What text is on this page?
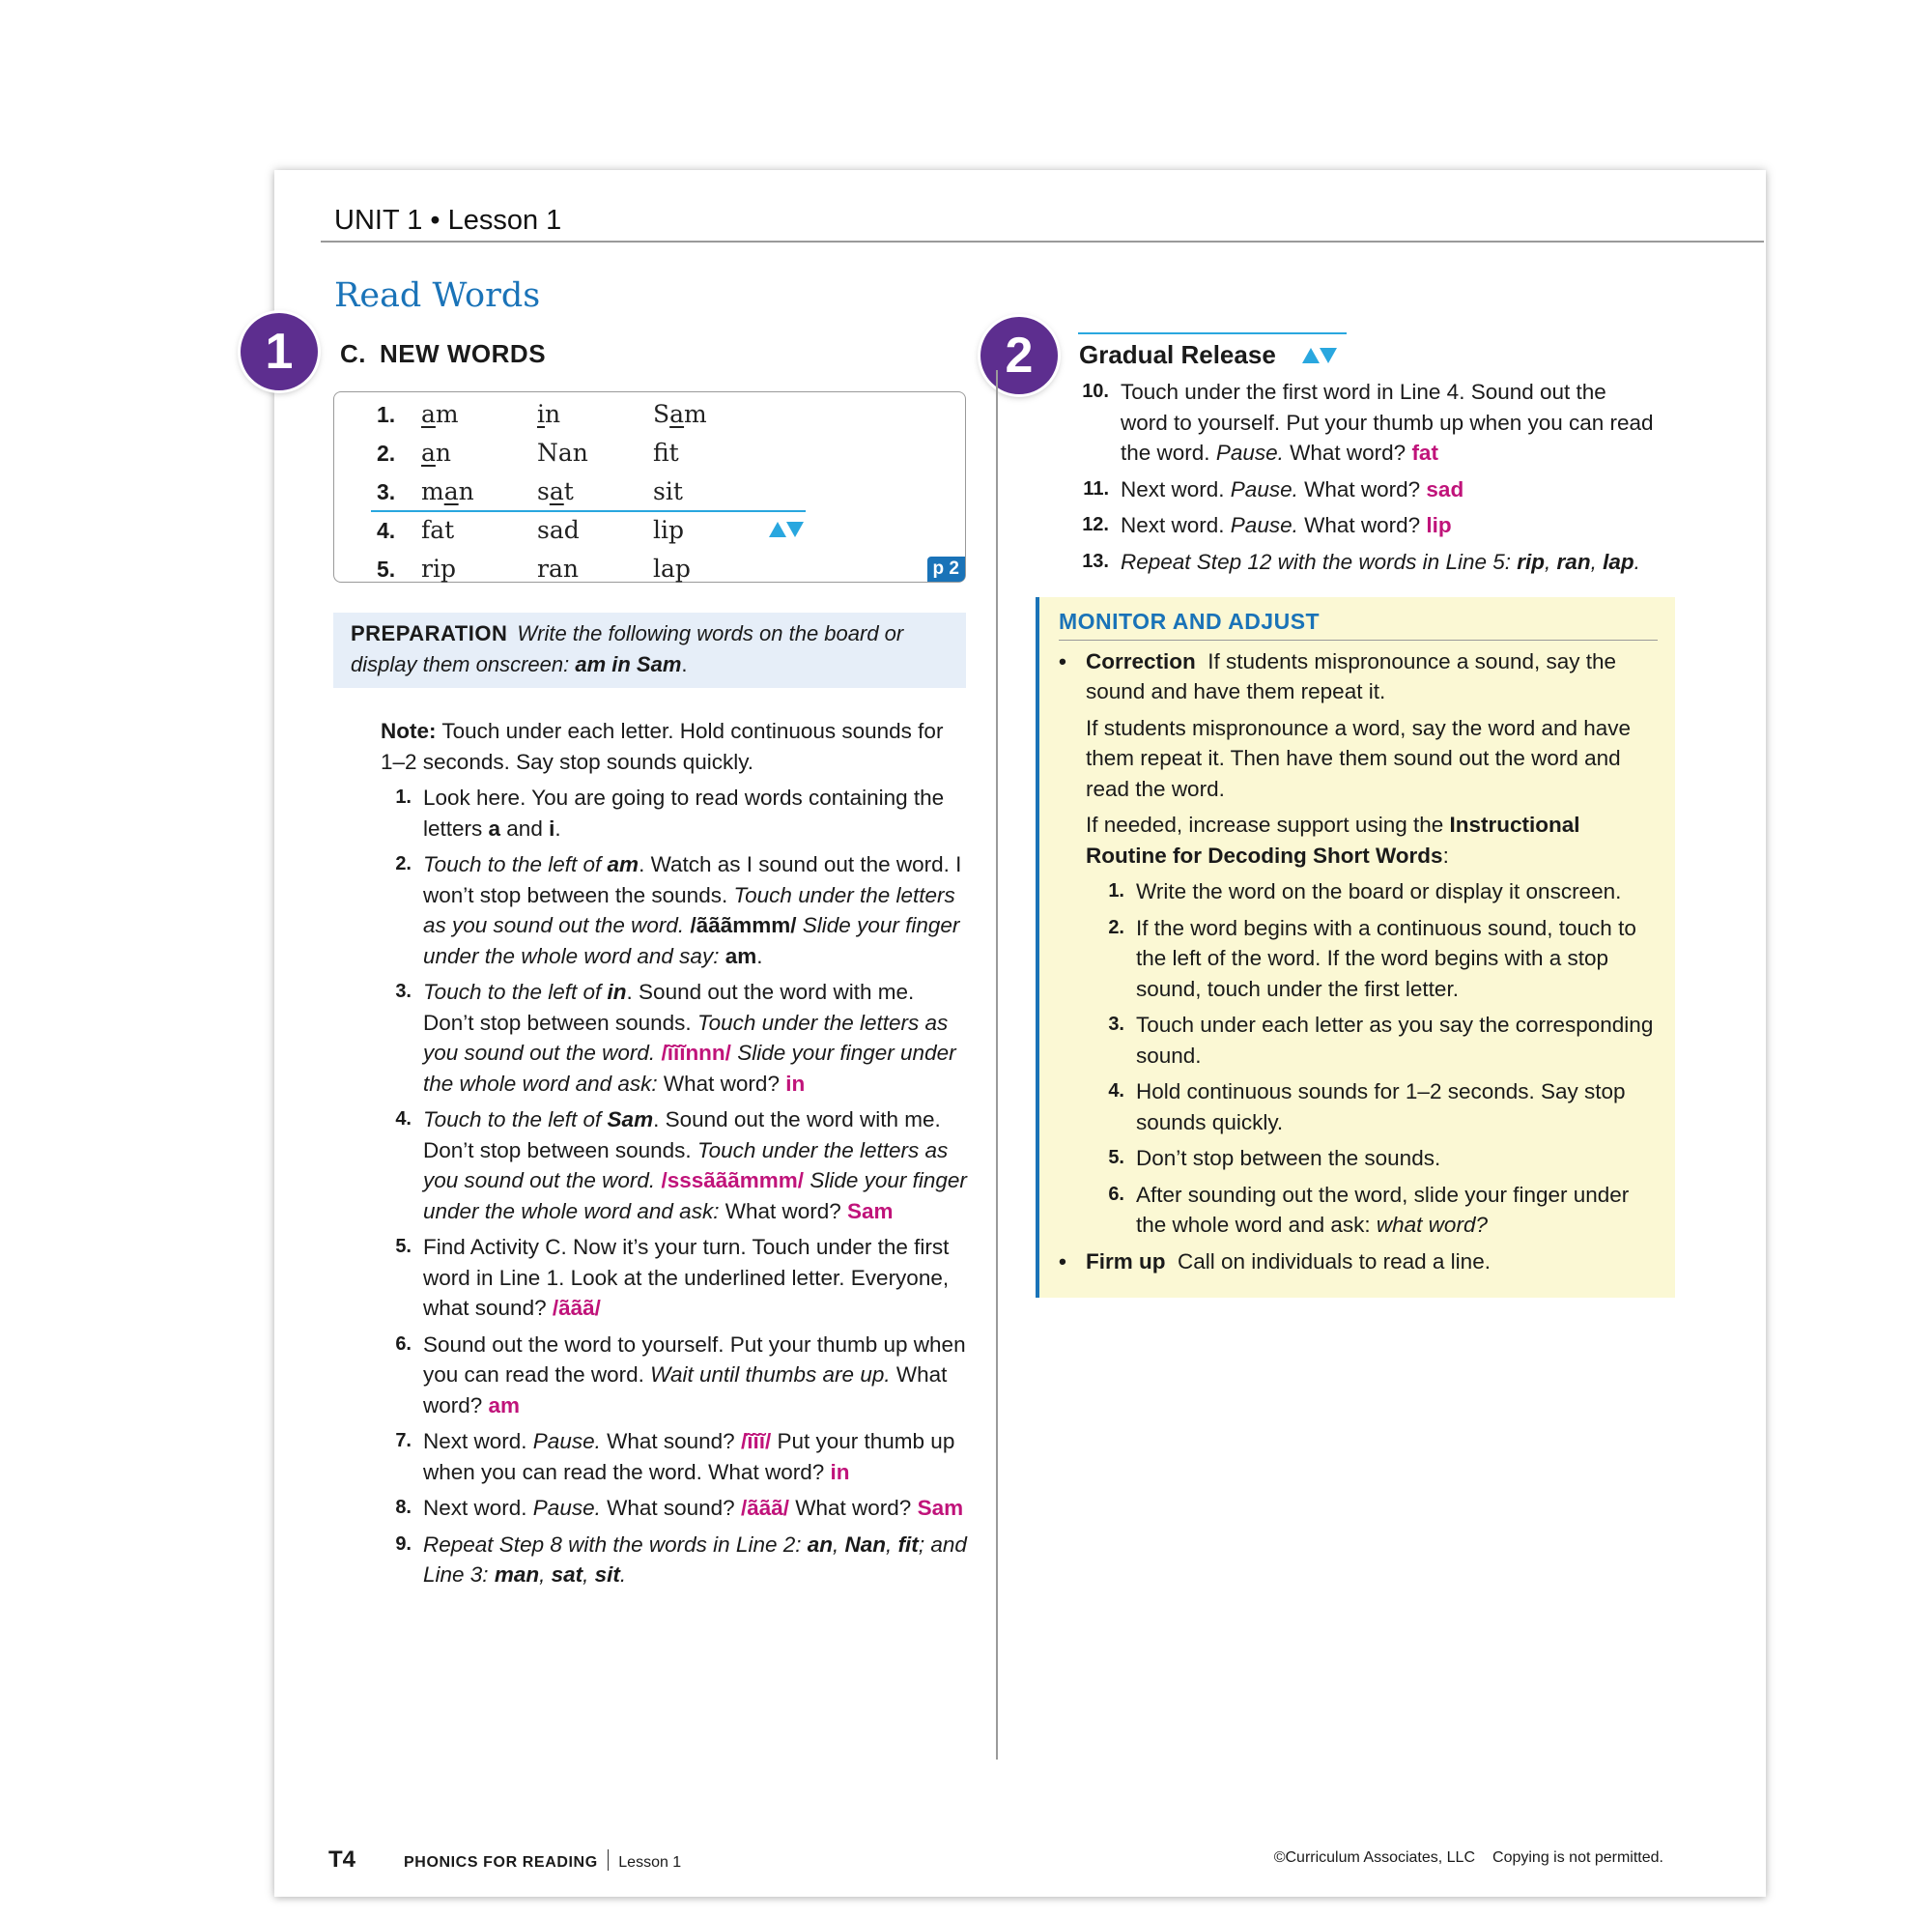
UNIT 1 • Lesson 1
Read Words
1	2
C. NEW WORDS
1. am	in	Sam
2. an	Nan	fit
3. man	sat	sit
4. fat	sad	lip
5. rip	ran	lap	p 2
PREPARATION Write the following words on the board or display them onscreen: am in Sam.
Note: Touch under each letter. Hold continuous sounds for 1–2 seconds. Say stop sounds quickly.
1. Look here. You are going to read words containing the letters a and i.
2. Touch to the left of am. Watch as I sound out the word. I won’t stop between the sounds. Touch under the letters as you sound out the word. /ãããmmm/ Slide your finger under the whole word and say: am.
3. Touch to the left of in. Sound out the word with me. Don’t stop between sounds. Touch under the letters as you sound out the word. /ĩĩĩnnn/ Slide your finger under the whole word and ask: What word? in
4. Touch to the left of Sam. Sound out the word with me. Don’t stop between sounds. Touch under the letters as you sound out the word. /sssãããmmm/ Slide your finger under the whole word and ask: What word? Sam
5. Find Activity C. Now it’s your turn. Touch under the first word in Line 1. Look at the underlined letter. Everyone, what sound? /ããã/
6. Sound out the word to yourself. Put your thumb up when you can read the word. Wait until thumbs are up. What word? am
7. Next word. Pause. What sound? /ĩĩĩ/ Put your thumb up when you can read the word. What word? in
8. Next word. Pause. What sound? /ããã/ What word? Sam
9. Repeat Step 8 with the words in Line 2: an, Nan, fit; and Line 3: man, sat, sit.
Gradual Release
10. Touch under the first word in Line 4. Sound out the word to yourself. Put your thumb up when you can read the word. Pause. What word? fat
11. Next word. Pause. What word? sad
12. Next word. Pause. What word? lip
13. Repeat Step 12 with the words in Line 5: rip, ran, lap.
MONITOR AND ADJUST
• Correction If students mispronounce a sound, say the sound and have them repeat it.
If students mispronounce a word, say the word and have them repeat it. Then have them sound out the word and read the word.
If needed, increase support using the Instructional Routine for Decoding Short Words:
1. Write the word on the board or display it onscreen.
2. If the word begins with a continuous sound, touch to the left of the word. If the word begins with a stop sound, touch under the first letter.
3. Touch under each letter as you say the corresponding sound.
4. Hold continuous sounds for 1–2 seconds. Say stop sounds quickly.
5. Don’t stop between the sounds.
6. After sounding out the word, slide your finger under the whole word and ask: what word?
• Firm up Call on individuals to read a line.
T4	PHONICS FOR READING Lesson 1	©Curriculum Associates, LLC Copying is not permitted.
